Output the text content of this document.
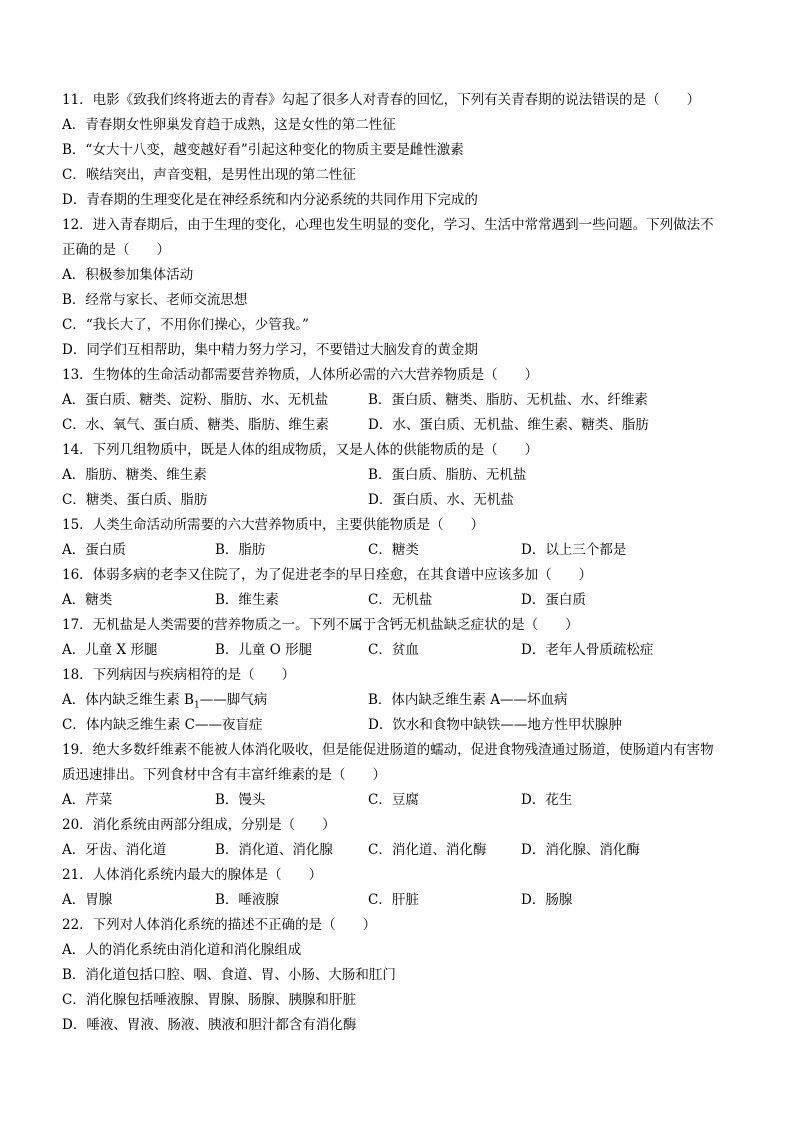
11．电影《致我们终将逝去的青春》勾起了很多人对青春的回忆，下列有关青春期的说法错误的是（　　）
A．青春期女性卵巢发育趋于成熟，这是女性的第二性征
B．“女大十八变，越变越好看”引起这种变化的物质主要是雌性激素
C．喉结突出，声音变粗，是男性出现的第二性征
D．青春期的生理变化是在神经系统和内分泌系统的共同作用下完成的
12．进入青春期后，由于生理的变化，心理也发生明显的变化，学习、生活中常常遇到一些问题。下列做法不
正确的是（　　）
A．积极参加集体活动
B．经常与家长、老师交流思想
C．“我长大了，不用你们操心，少管我。”
D．同学们互相帮助，集中精力努力学习，不要错过大脑发育的黄金期
13．生物体的生命活动都需要营养物质，人体所必需的六大营养物质是（　　）
A．蛋白质、糖类、淀粉、脂肪、水、无机盐	B．蛋白质、糖类、脂肪、无机盐、水、纤维素
C．水、氧气、蛋白质、糖类、脂肪、维生素	D．水、蛋白质、无机盐、维生素、糖类、脂肪
14．下列几组物质中，既是人体的组成物质，又是人体的供能物质的是（　　）
A．脂肪、糖类、维生素	B．蛋白质、脂肪、无机盐
C．糖类、蛋白质、脂肪	D．蛋白质、水、无机盐
15．人类生命活动所需要的六大营养物质中，主要供能物质是（　　）
A．蛋白质	B．脂肪	C．糖类	D．以上三个都是
16．体弱多病的老李又住院了，为了促进老李的早日痊愈，在其食谱中应该多加（　　）
A．糖类	B．维生素	C．无机盐	D．蛋白质
17．无机盐是人类需要的营养物质之一。下列不属于含钙无机盐缺乏症状的是（　　）
A．儿童 X 形腿	B．儿童 O 形腿	C．贫血	D．老年人骨质疏松症
18．下列病因与疾病相符的是（　　）
A．体内缺乏维生素 $B_1——$脚气病	B．体内缺乏维生素 A——坏血病
C．体内缺乏维生素 C——夜盲症	D．饮水和食物中缺铁——地方性甲状腺肿
19．绝大多数纤维素不能被人体消化吸收，但是能促进肠道的蠕动，促进食物残渣通过肠道，使肠道内有害物
质迅速排出。下列食材中含有丰富纤维素的是（　　）
A．芹菜	B．馒头	C．豆腐	D．花生
20．消化系统由两部分组成，分别是（　　）
A．牙齿、消化道	B．消化道、消化腺	C．消化道、消化酶	D．消化腺、消化酶
21．人体消化系统内最大的腺体是（　　）
A．胃腺	B．唾液腺	C．肝脏	D．肠腺
22．下列对人体消化系统的描述不正确的是（　　）
A．人的消化系统由消化道和消化腺组成
B．消化道包括口腔、咽、食道、胃、小肠、大肠和肛门
C．消化腺包括唾液腺、胃腺、肠腺、胰腺和肝脏
D．唾液、胃液、肠液、胰液和胆汁都含有消化酶
